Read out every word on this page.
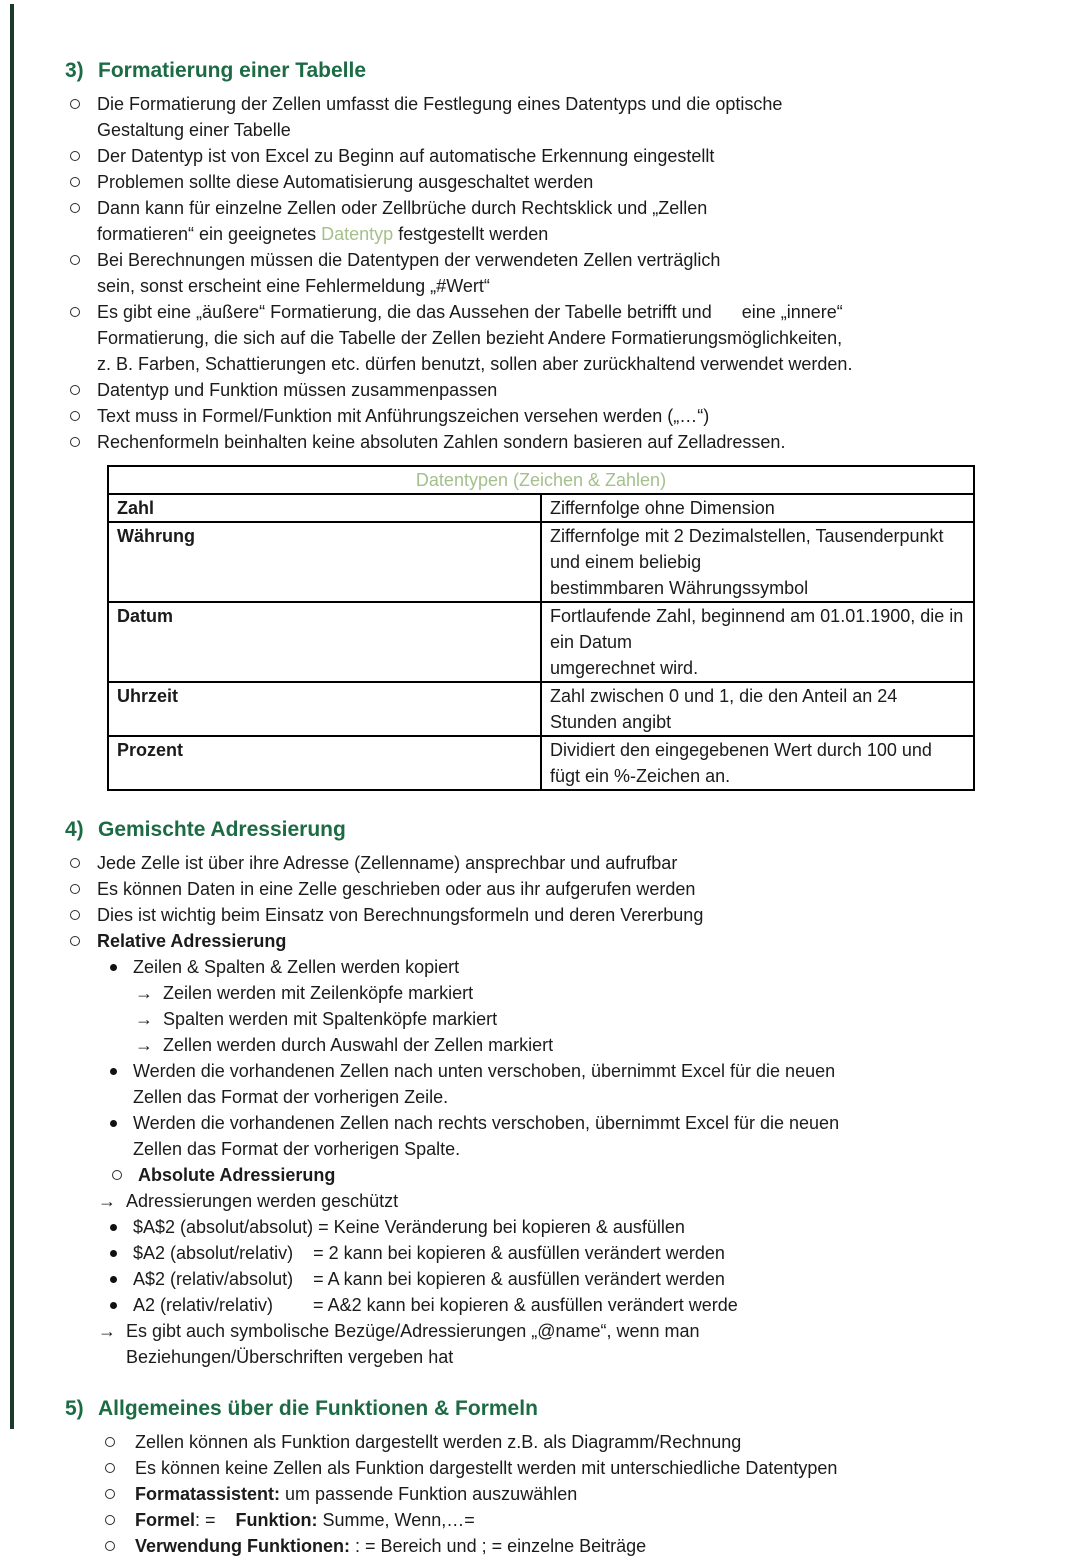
3) Formatierung einer Tabelle
Die Formatierung der Zellen umfasst die Festlegung eines Datentyps und die optische
Gestaltung einer Tabelle
Der Datentyp ist von Excel zu Beginn auf automatische Erkennung eingestellt
Problemen sollte diese Automatisierung ausgeschaltet werden
Dann kann für einzelne Zellen oder Zellbrüche durch Rechtsklick und „Zellen
formatieren“ ein geeignetes Datentyp festgestellt werden
Bei Berechnungen müssen die Datentypen der verwendeten Zellen verträglich
sein, sonst erscheint eine Fehlermeldung „#Wert“
Es gibt eine „äußere“ Formatierung, die das Aussehen der Tabelle betrifft und      eine „innere“
Formatierung, die sich auf die Tabelle der Zellen bezieht Andere Formatierungsmöglichkeiten,
z. B. Farben, Schattierungen etc. dürfen benutzt, sollen aber zurückhaltend verwendet werden.
Datentyp und Funktion müssen zusammenpassen
Text muss in Formel/Funktion mit Anführungszeichen versehen werden („…“)
Rechenformeln beinhalten keine absoluten Zahlen sondern basieren auf Zelladressen.
Datentypen (Zeichen & Zahlen)	
Zahl	Ziffernfolge ohne Dimension

Währung	Ziffernfolge mit 2 Dezimalstellen, Tausenderpunkt und einem beliebig
bestimmbaren Währungssymbol

Datum	Fortlaufende Zahl, beginnend am 01.01.1900, die in ein Datum
umgerechnet wird.

Uhrzeit	Zahl zwischen 0 und 1, die den Anteil an 24 Stunden angibt

Prozent	Dividiert den eingegebenen Wert durch 100 und fügt ein %-Zeichen an.
4) Gemischte Adressierung
Jede Zelle ist über ihre Adresse (Zellenname) ansprechbar und aufrufbar
Es können Daten in eine Zelle geschrieben oder aus ihr aufgerufen werden
Dies ist wichtig beim Einsatz von Berechnungsformeln und deren Vererbung
Relative Adressierung
Zeilen & Spalten & Zellen werden kopiert
→ Zeilen werden mit Zeilenköpfe markiert
→ Spalten werden mit Spaltenköpfe markiert
→ Zellen werden durch Auswahl der Zellen markiert
Werden die vorhandenen Zellen nach unten verschoben, übernimmt Excel für die neuen
Zellen das Format der vorherigen Zeile.
Werden die vorhandenen Zellen nach rechts verschoben, übernimmt Excel für die neuen
Zellen das Format der vorherigen Spalte.
Absolute Adressierung
→ Adressierungen werden geschützt
$A$2 (absolut/absolut) = Keine Veränderung bei kopieren & ausfüllen
$A2 (absolut/relativ)    = 2 kann bei kopieren & ausfüllen verändert werden
A$2 (relativ/absolut)    = A kann bei kopieren & ausfüllen verändert werden
A2 (relativ/relativ)        = A&2 kann bei kopieren & ausfüllen verändert werde
→ Es gibt auch symbolische Bezüge/Adressierungen „@name“, wenn man
Beziehungen/Überschriften vergeben hat
5) Allgemeines über die Funktionen & Formeln
Zellen können als Funktion dargestellt werden z.B. als Diagramm/Rechnung
Es können keine Zellen als Funktion dargestellt werden mit unterschiedliche Datentypen
Formatassistent: um passende Funktion auszuwählen
Formel: =    Funktion: Summe, Wenn,…=
Verwendung Funktionen: : = Bereich und ; = einzelne Beiträge
